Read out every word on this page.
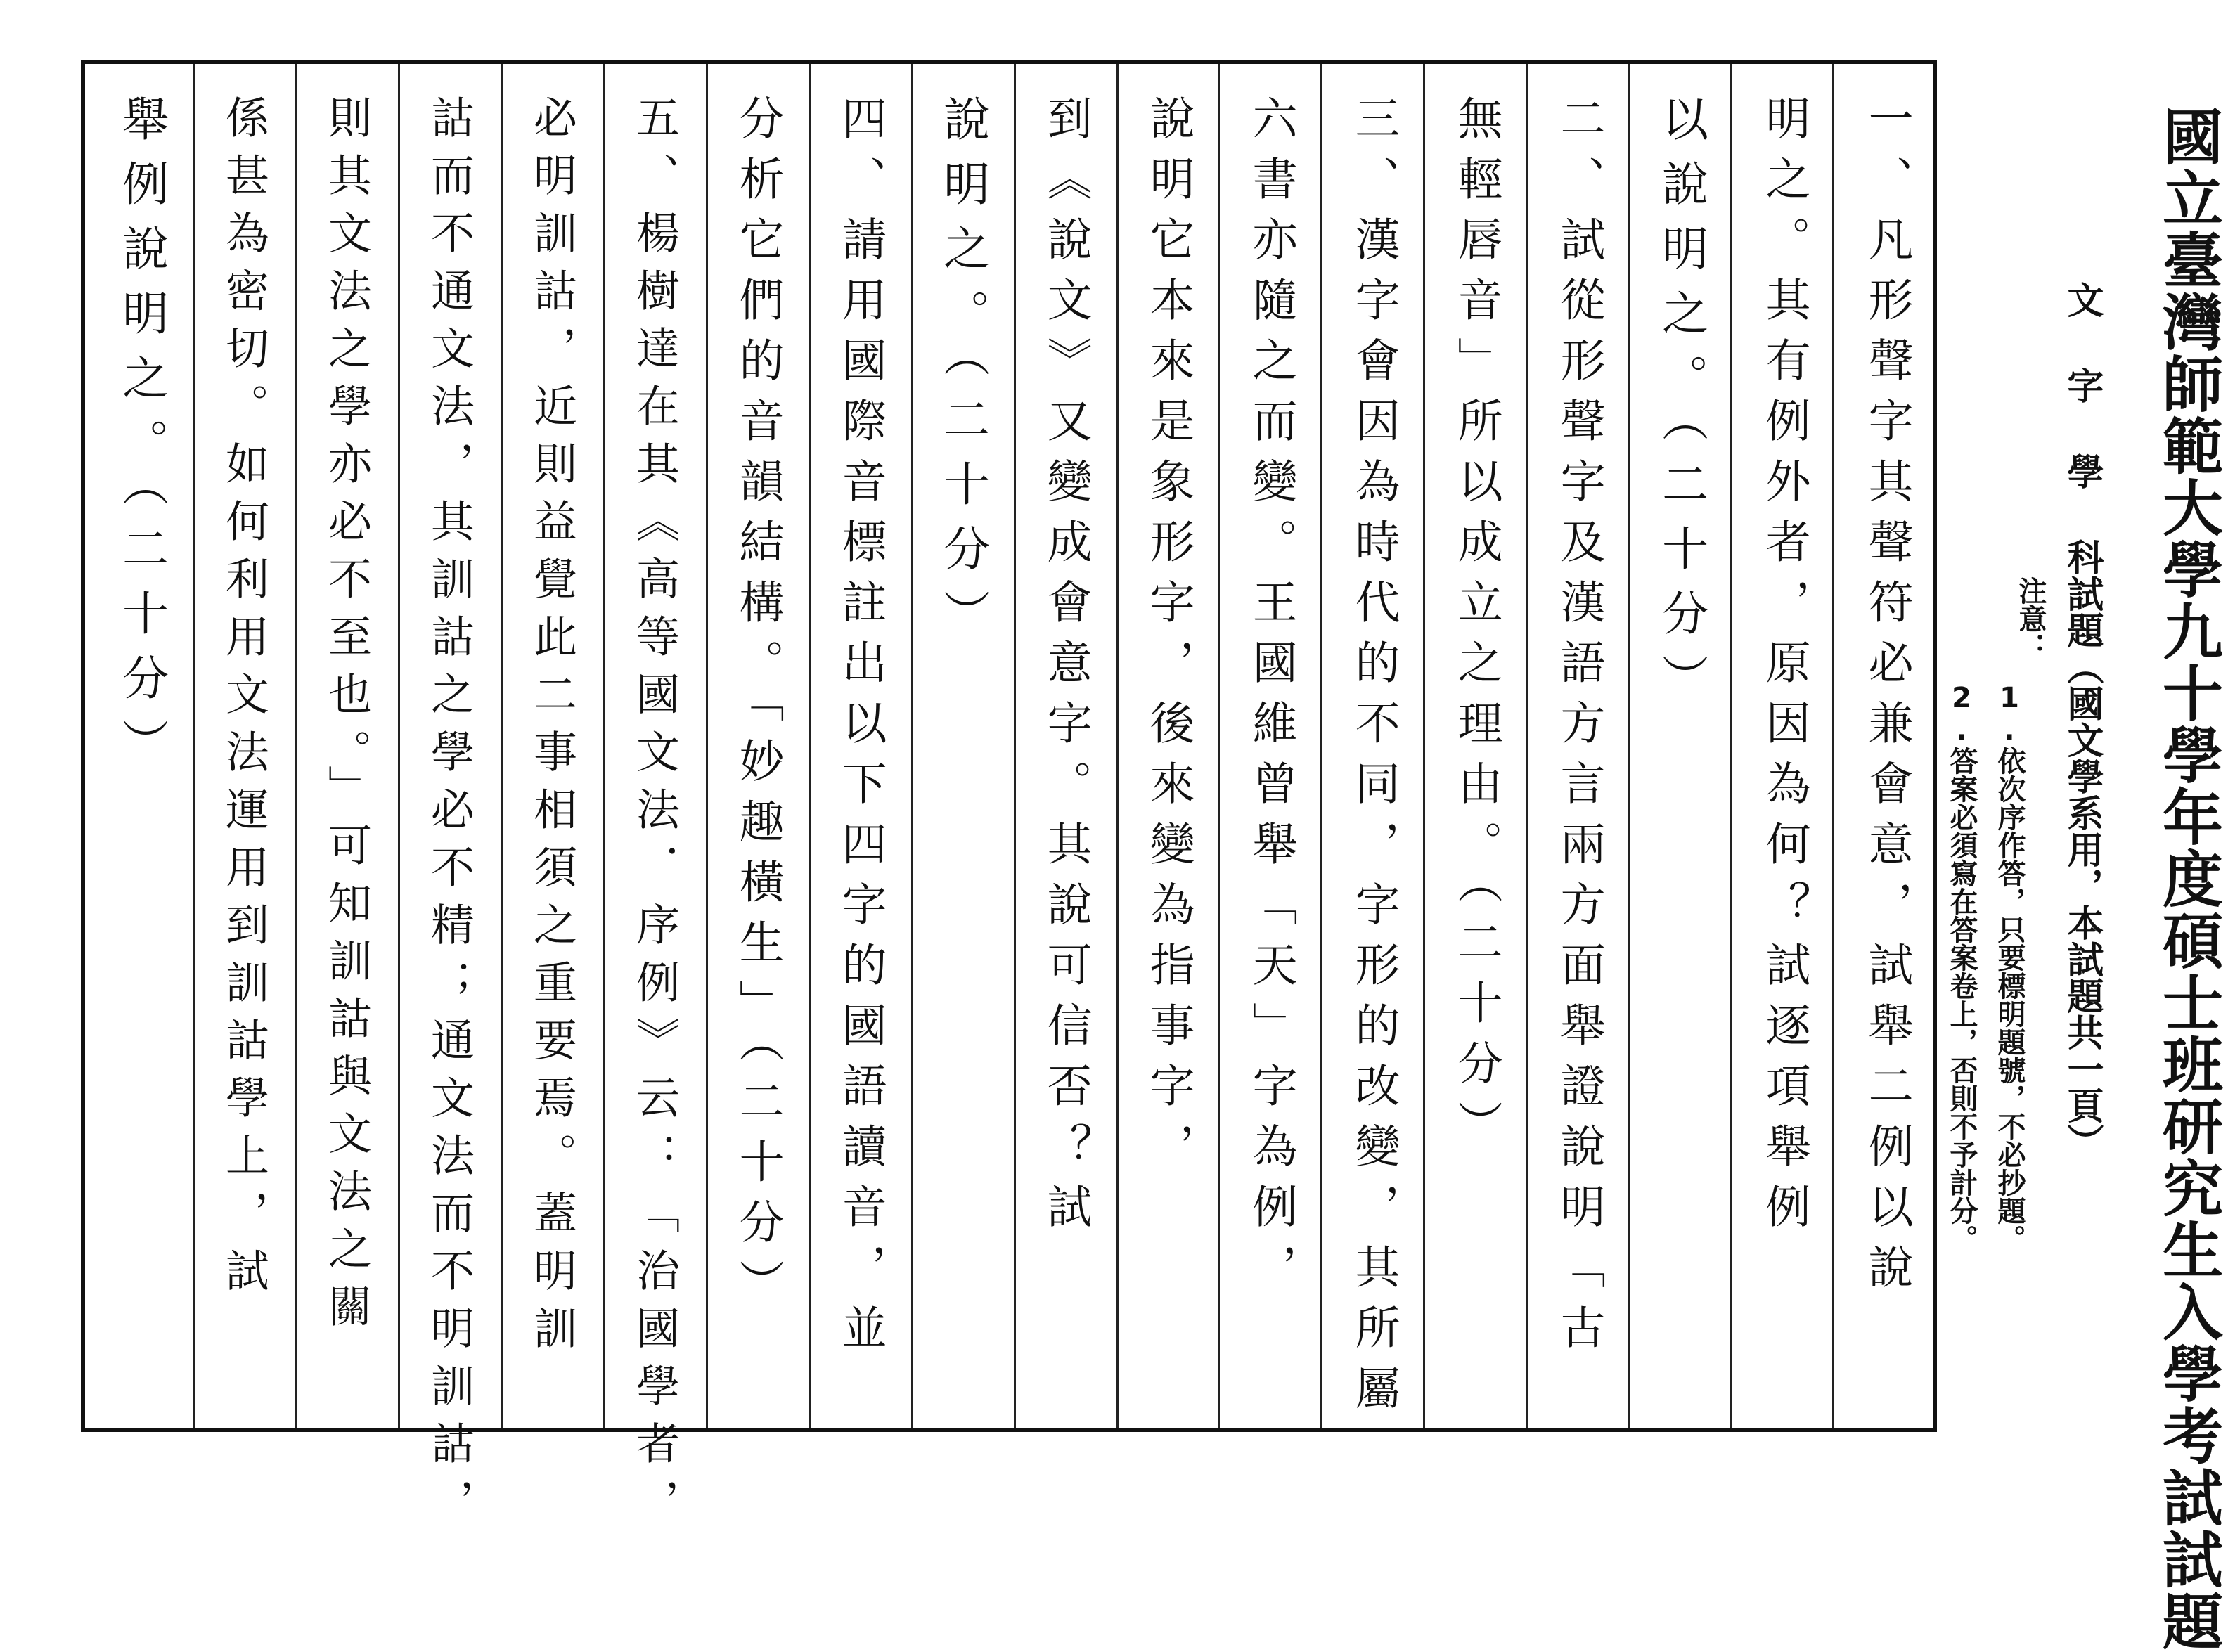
國立臺灣師範大學九十學年度碩士班研究生入學考試試題
文字學科試題（國文學系用，本試題共一頁）
注意：
1.依次序作答，只要標明題號，不必抄題。
2.答案必須寫在答案卷上，否則不予計分。
一、凡形聲字其聲符必兼會意，試舉二例以說
明之。其有例外者，原因為何？試逐項舉例
以說明之。（二十分）
二、試從形聲字及漢語方言兩方面舉證說明「古
無輕唇音」所以成立之理由。（二十分）
三、漢字會因為時代的不同，字形的改變，其所屬
六書亦隨之而變。王國維曾舉「天」字為例，
說明它本來是象形字，後來變為指事字，
到《說文》又變成會意字。其說可信否？試
說明之。（二十分）
四、請用國際音標註出以下四字的國語讀音，並
分析它們的音韻結構。「妙趣橫生」（二十分）
五、楊樹達在其《高等國文法．序例》云：「治國學者，
必明訓詁，近則益覺此二事相須之重要焉。蓋明訓
詁而不通文法，其訓詁之學必不精；通文法而不明訓詁，
則其文法之學亦必不至也。」可知訓詁與文法之關
係甚為密切。如何利用文法運用到訓詁學上，試
舉例說明之。（二十分）
